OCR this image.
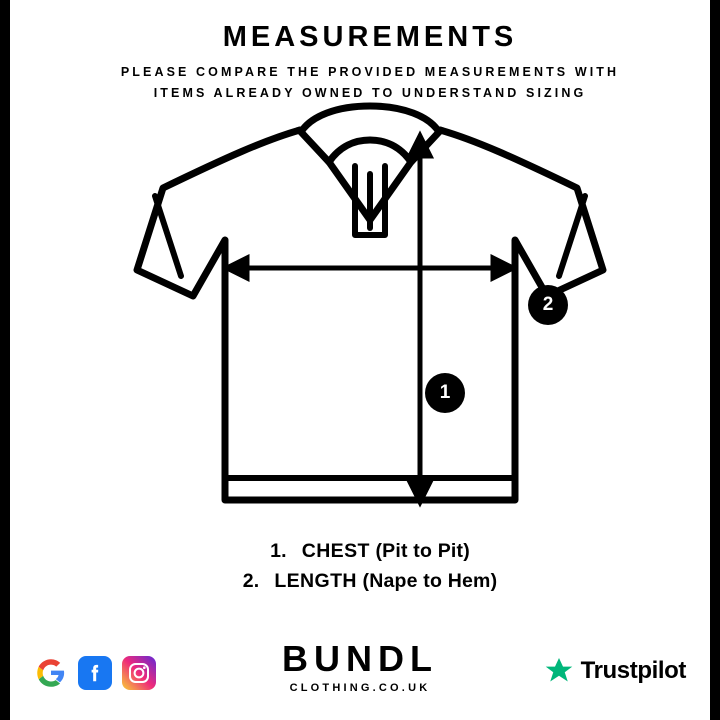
MEASUREMENTS
PLEASE COMPARE THE PROVIDED MEASUREMENTS WITH
ITEMS ALREADY OWNED TO UNDERSTAND SIZING
1
2
1. CHEST (Pit to Pit)
2. LENGTH (Nape to Hem)
BUNDL
CLOTHING.CO.UK
Trustpilot
